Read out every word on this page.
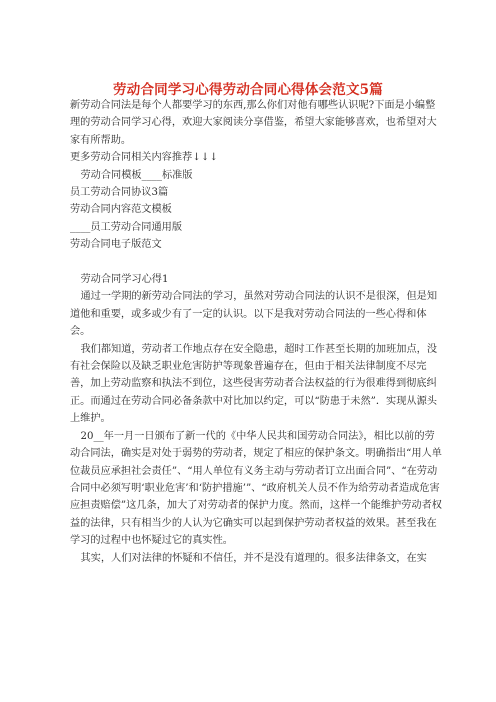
劳动合同学习心得劳动合同心得体会范文5篇

新劳动合同法是每个人都要学习的东西,那么你们对他有哪些认识呢?下面是小编整理的劳动合同学习心得，欢迎大家阅读分享借鉴，希望大家能够喜欢，也希望对大家有所帮助。

更多劳动合同相关内容推荐↓↓↓

劳动合同模板____标准版

员工劳动合同协议3篇

劳动合同内容范文模板

____员工劳动合同通用版

劳动合同电子版范文

劳动合同学习心得1

通过一学期的新劳动合同法的学习，虽然对劳动合同法的认识不是很深，但是知道他和重要，或多或少有了一定的认识。以下是我对劳动合同法的一些心得和体会。

我们都知道，劳动者工作地点存在安全隐患，超时工作甚至长期的加班加点，没有社会保险以及缺乏职业危害防护等现象普遍存在，但由于相关法律制度不尽完善，加上劳动监察和执法不到位，这些侵害劳动者合法权益的行为很难得到彻底纠正。而通过在劳动合同必备条款中对比加以约定，可以“防患于未然”．实现从源头上维护。

20__年一月一日颁布了新一代的《中华人民共和国劳动合同法》，相比以前的劳动合同法，确实是对处于弱势的劳动者，规定了相应的保护条文。明确指出“用人单位裁员应承担社会责任”、“用人单位有义务主动与劳动者订立出面合同”、“在劳动合同中必须写明‘职业危害’和‘防护措施’”、“政府机关人员不作为给劳动者造成危害应担责赔偿”这几条，加大了对劳动者的保护力度。然而，这样一个能维护劳动者权益的法律，只有相当少的人认为它确实可以起到保护劳动者权益的效果。甚至我在学习的过程中也怀疑过它的真实性。

其实，人们对法律的怀疑和不信任，并不是没有道理的。很多法律条文，在实
